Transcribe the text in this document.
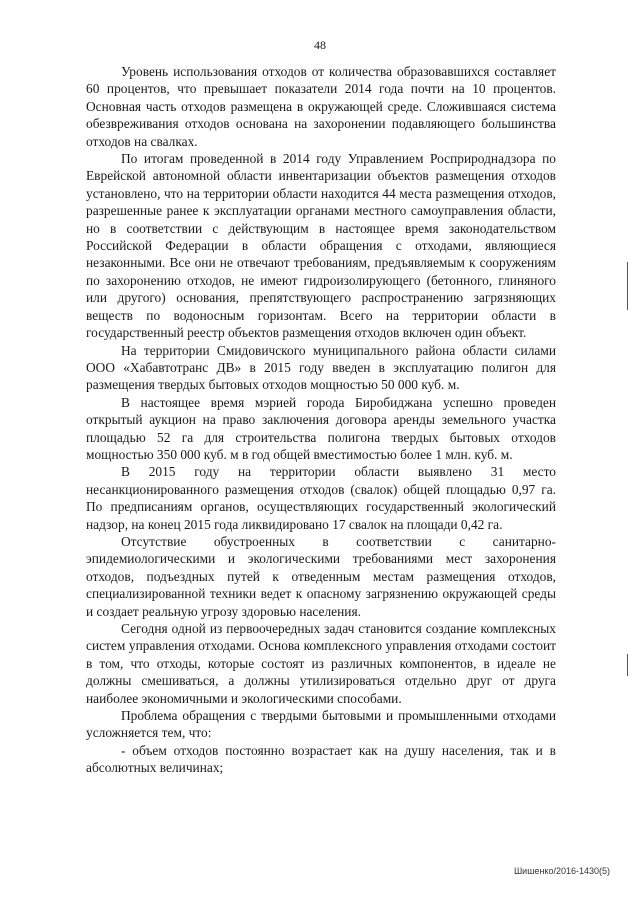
48

Уровень использования отходов от количества образовавшихся составляет 60 процентов, что превышает показатели 2014 года почти на 10 процентов. Основная часть отходов размещена в окружающей среде. Сложившаяся система обезвреживания отходов основана на захоронении подавляющего большинства отходов на свалках.

По итогам проведенной в 2014 году Управлением Росприроднадзора по Еврейской автономной области инвентаризации объектов размещения отходов установлено, что на территории области находится 44 места размещения отходов, разрешенные ранее к эксплуатации органами местного самоуправления области, но в соответствии с действующим в настоящее время законодательством Российской Федерации в области обращения с отходами, являющиеся незаконными. Все они не отвечают требованиям, предъявляемым к сооружениям по захоронению отходов, не имеют гидроизолирующего (бетонного, глиняного или другого) основания, препятствующего распространению загрязняющих веществ по водоносным горизонтам. Всего на территории области в государственный реестр объектов размещения отходов включен один объект.

На территории Смидовичского муниципального района области силами ООО «Хабавтотранс ДВ» в 2015 году введен в эксплуатацию полигон для размещения твердых бытовых отходов мощностью 50 000 куб. м.

В настоящее время мэрией города Биробиджана успешно проведен открытый аукцион на право заключения договора аренды земельного участка площадью 52 га для строительства полигона твердых бытовых отходов мощностью 350 000 куб. м в год общей вместимостью более 1 млн. куб. м.

В 2015 году на территории области выявлено 31 место несанкционированного размещения отходов (свалок) общей площадью 0,97 га. По предписаниям органов, осуществляющих государственный экологический надзор, на конец 2015 года ликвидировано 17 свалок на площади 0,42 га.

Отсутствие обустроенных в соответствии с санитарно-эпидемиологическими и экологическими требованиями мест захоронения отходов, подъездных путей к отведенным местам размещения отходов, специализированной техники ведет к опасному загрязнению окружающей среды и создает реальную угрозу здоровью населения.

Сегодня одной из первоочередных задач становится создание комплексных систем управления отходами. Основа комплексного управления отходами состоит в том, что отходы, которые состоят из различных компонентов, в идеале не должны смешиваться, а должны утилизироваться отдельно друг от друга наиболее экономичными и экологическими способами.

Проблема обращения с твердыми бытовыми и промышленными отходами усложняется тем, что:

- объем отходов постоянно возрастает как на душу населения, так и в абсолютных величинах;

Шишенко/2016-1430(5)
